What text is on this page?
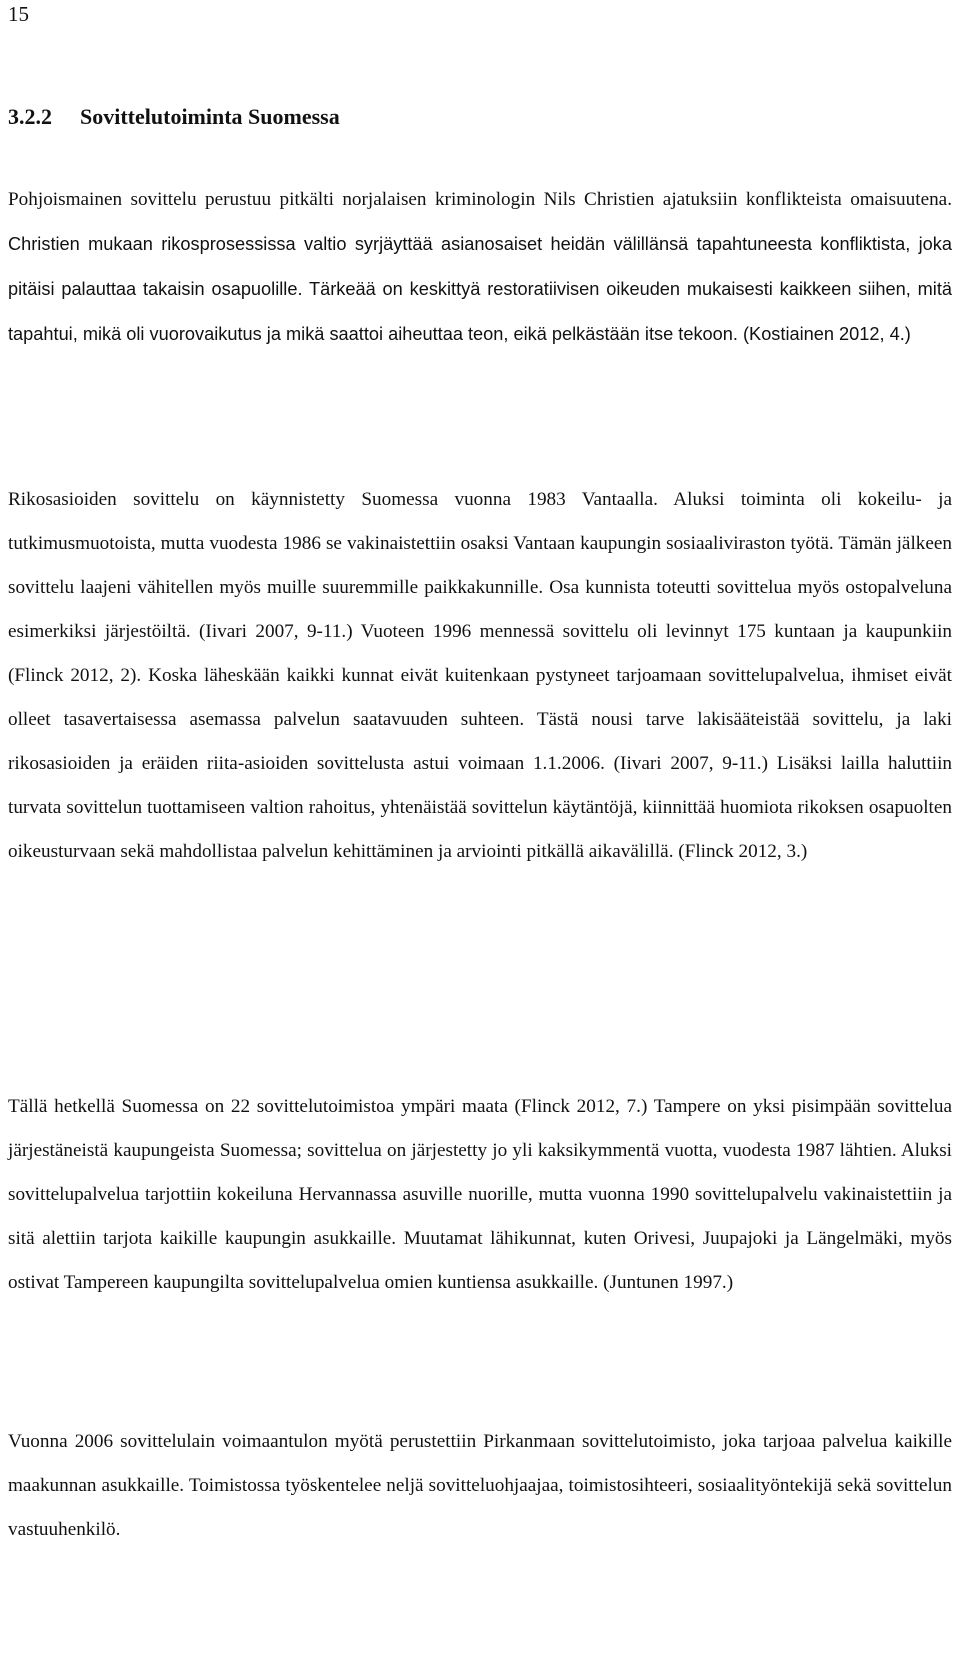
15
3.2.2 Sovittelutoiminta Suomessa

Pohjoismainen sovittelu perustuu pitkälti norjalaisen kriminologin Nils Christien ajatuksiin konflikteista omaisuutena. Christien mukaan rikosprosessissa valtio syrjäyttää asianosaiset heidän välillänsä tapahtuneesta konfliktista, joka pitäisi palauttaa takaisin osapuolille. Tärkeää on keskittyä restoratiivisen oikeuden mukaisesti kaikkeen siihen, mitä tapahtui, mikä oli vuorovaikutus ja mikä saattoi aiheuttaa teon, eikä pelkästään itse tekoon. (Kostiainen 2012, 4.)

Rikosasioiden sovittelu on käynnistetty Suomessa vuonna 1983 Vantaalla. Aluksi toiminta oli kokeilu- ja tutkimusmuotoista, mutta vuodesta 1986 se vakinaistettiin osaksi Vantaan kaupungin sosiaaliviraston työtä. Tämän jälkeen sovittelu laajeni vähitellen myös muille suuremmille paikkakunnille. Osa kunnista toteutti sovittelua myös ostopalveluna esimerkiksi järjestöiltä. (Iivari 2007, 9-11.) Vuoteen 1996 mennessä sovittelu oli levinnyt 175 kuntaan ja kaupunkiin (Flinck 2012, 2). Koska läheskään kaikki kunnat eivät kuitenkaan pystyneet tarjoamaan sovittelupalvelua, ihmiset eivät olleet tasavertaisessa asemassa palvelun saatavuuden suhteen. Tästä nousi tarve lakisääteistää sovittelu, ja laki rikosasioiden ja eräiden riita-asioiden sovittelusta astui voimaan 1.1.2006. (Iivari 2007, 9-11.) Lisäksi lailla haluttiin turvata sovittelun tuottamiseen valtion rahoitus, yhtenäistää sovittelun käytäntöjä, kiinnittää huomiota rikoksen osapuolten oikeusturvaan sekä mahdollistaa palvelun kehittäminen ja arviointi pitkällä aikavälillä. (Flinck 2012, 3.)

Tällä hetkellä Suomessa on 22 sovittelutoimistoa ympäri maata (Flinck 2012, 7.) Tampere on yksi pisimpään sovittelua järjestäneistä kaupungeista Suomessa; sovittelua on järjestetty jo yli kaksikymmentä vuotta, vuodesta 1987 lähtien. Aluksi sovittelupalvelua tarjottiin kokeiluna Hervannassa asuville nuorille, mutta vuonna 1990 sovittelupalvelu vakinaistettiin ja sitä alettiin tarjota kaikille kaupungin asukkaille. Muutamat lähikunnat, kuten Orivesi, Juupajoki ja Längelmäki, myös ostivat Tampereen kaupungilta sovittelupalvelua omien kuntiensa asukkaille. (Juntunen 1997.)

Vuonna 2006 sovittelulain voimaantulon myötä perustettiin Pirkanmaan sovittelutoimisto, joka tarjoaa palvelua kaikille maakunnan asukkaille. Toimistossa työskentelee neljä sovitteluohjaajaa, toimistosihteeri, sosiaalityöntekijä sekä sovittelun vastuuhenkilö.
